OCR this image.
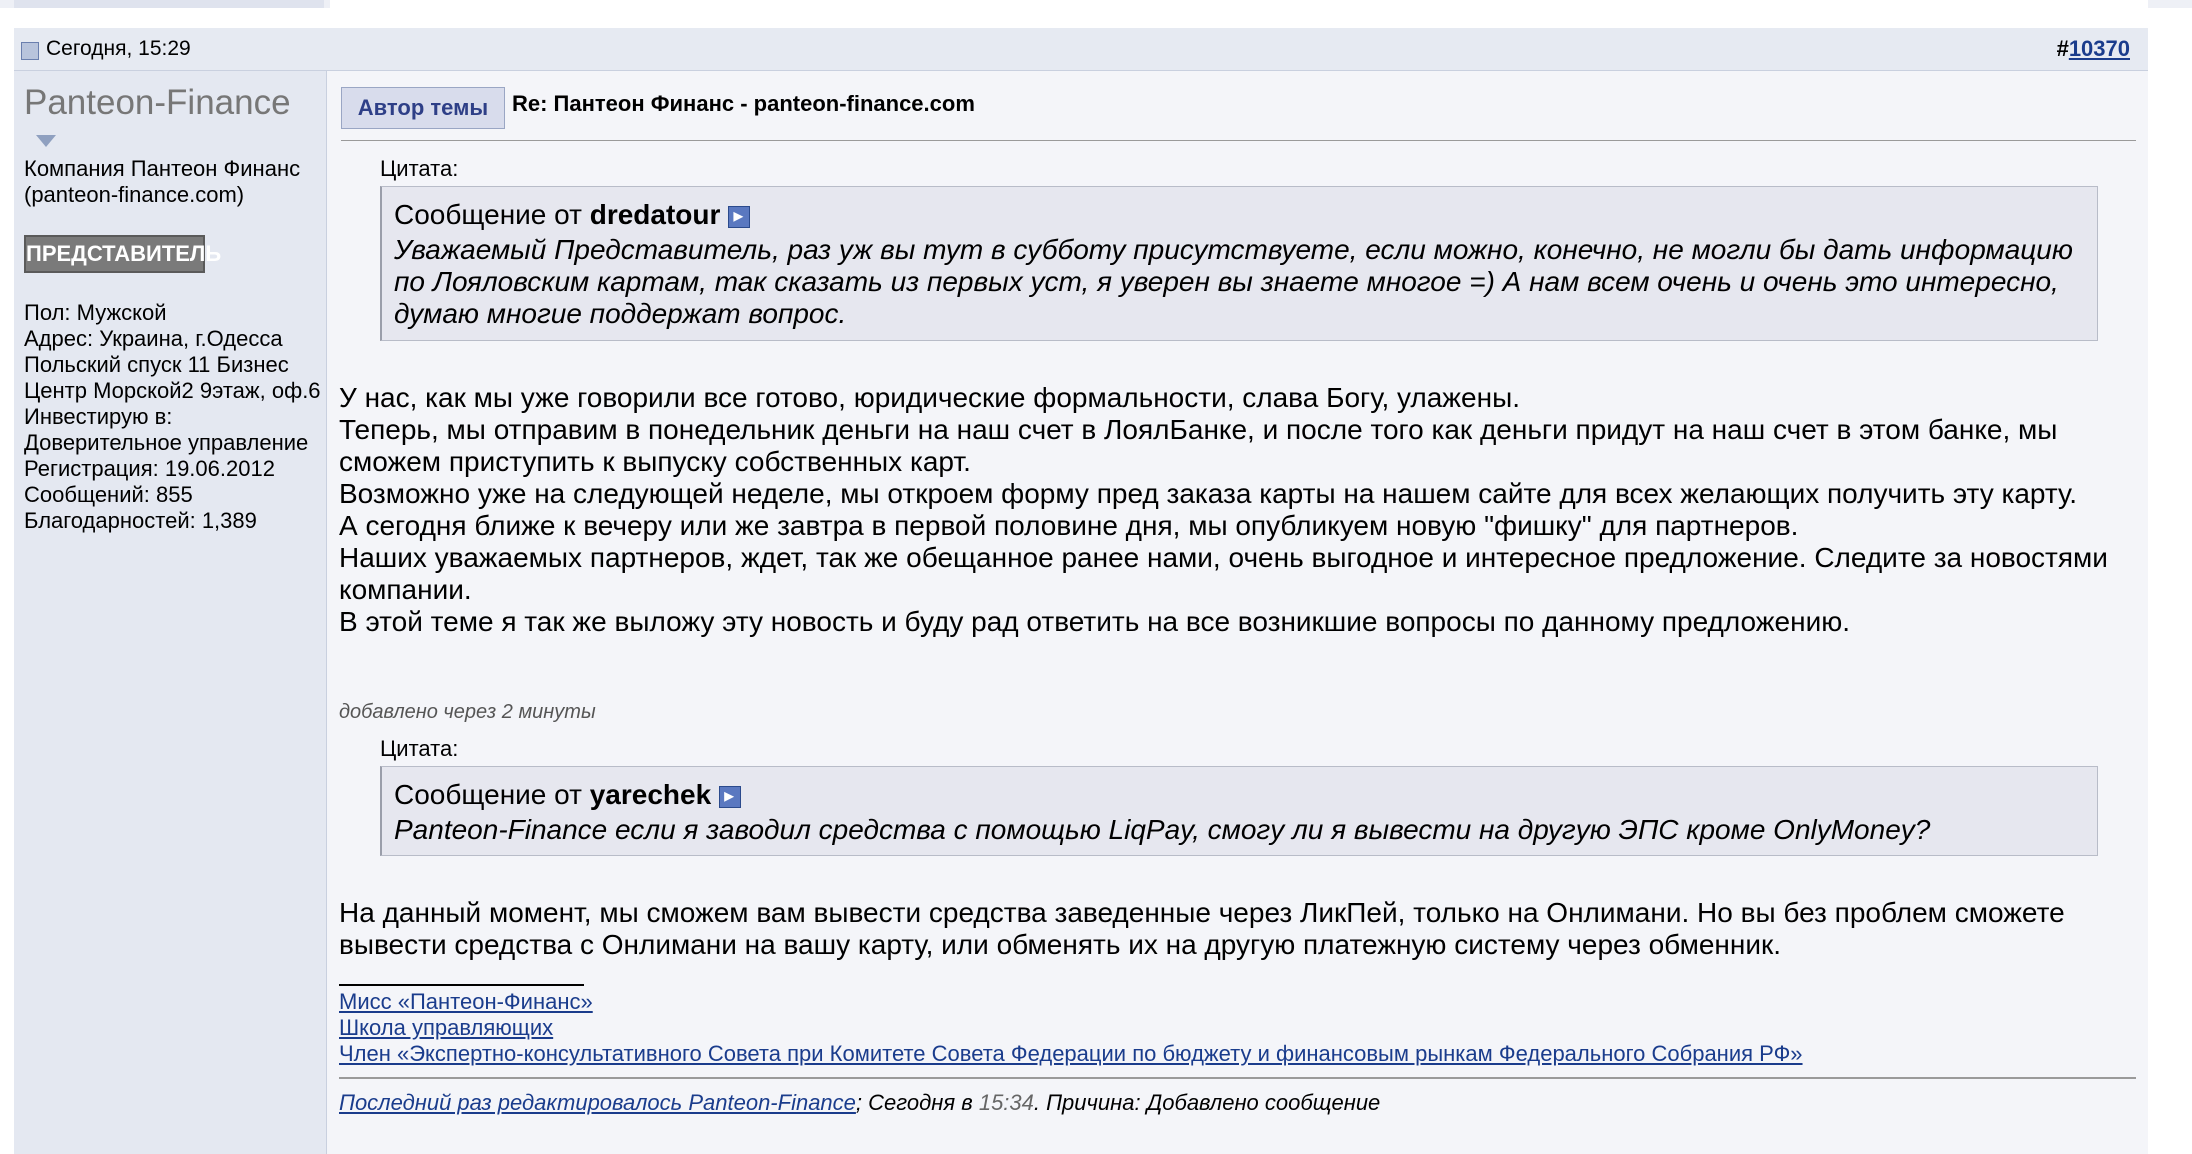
Сегодня, 15:29	#10370
Panteon-Finance
Компания Пантеон Финанс (panteon-finance.com)
ПРЕДСТАВИТЕЛЬ
Пол: Мужской
Адрес: Украина, г.Одесса Польский спуск 11 Бизнес Центр Морской2 9этаж, оф.6
Инвестирую в: Доверительное управление
Регистрация: 19.06.2012
Сообщений: 855
Благодарностей: 1,389
Автор темы	Re: Пантеон Финанс - panteon-finance.com
Цитата:
Сообщение от dredatour▸
Уважаемый Представитель, раз уж вы тут в субботу присутствуете, если можно, конечно, не могли бы дать информацию по Лояловским картам, так сказать из первых уст, я уверен вы знаете многое =) А нам всем очень и очень это интересно, думаю многие поддержат вопрос.
У нас, как мы уже говорили все готово, юридические формальности, слава Богу, улажены.
Теперь, мы отправим в понедельник деньги на наш счет в ЛоялБанке, и после того как деньги придут на наш счет в этом банке, мы сможем приступить к выпуску собственных карт.
Возможно уже на следующей неделе, мы откроем форму пред заказа карты на нашем сайте для всех желающих получить эту карту.
А сегодня ближе к вечеру или же завтра в первой половине дня, мы опубликуем новую "фишку" для партнеров.
Наших уважаемых партнеров, ждет, так же обещанное ранее нами, очень выгодное и интересное предложение. Следите за новостями компании.
В этой теме я так же выложу эту новость и буду рад ответить на все возникшие вопросы по данному предложению.
добавлено через 2 минуты
Цитата:
Сообщение от yarechek▸
Panteon-Finance если я заводил средства с помощью LiqPay, смогу ли я вывести на другую ЭПС кроме OnlyMoney?
На данный момент, мы сможем вам вывести средства заведенные через ЛикПей, только на Онлимани. Но вы без проблем сможете вывести средства с Онлимани на вашу карту, или обменять их на другую платежную систему через обменник.
Мисс «Пантеон-Финанс»
Школа управляющих
Член «Экспертно-консультативного Совета при Комитете Совета Федерации по бюджету и финансовым рынкам Федерального Собрания РФ»
Последний раз редактировалось Panteon-Finance; Сегодня в 15:34. Причина: Добавлено сообщение
